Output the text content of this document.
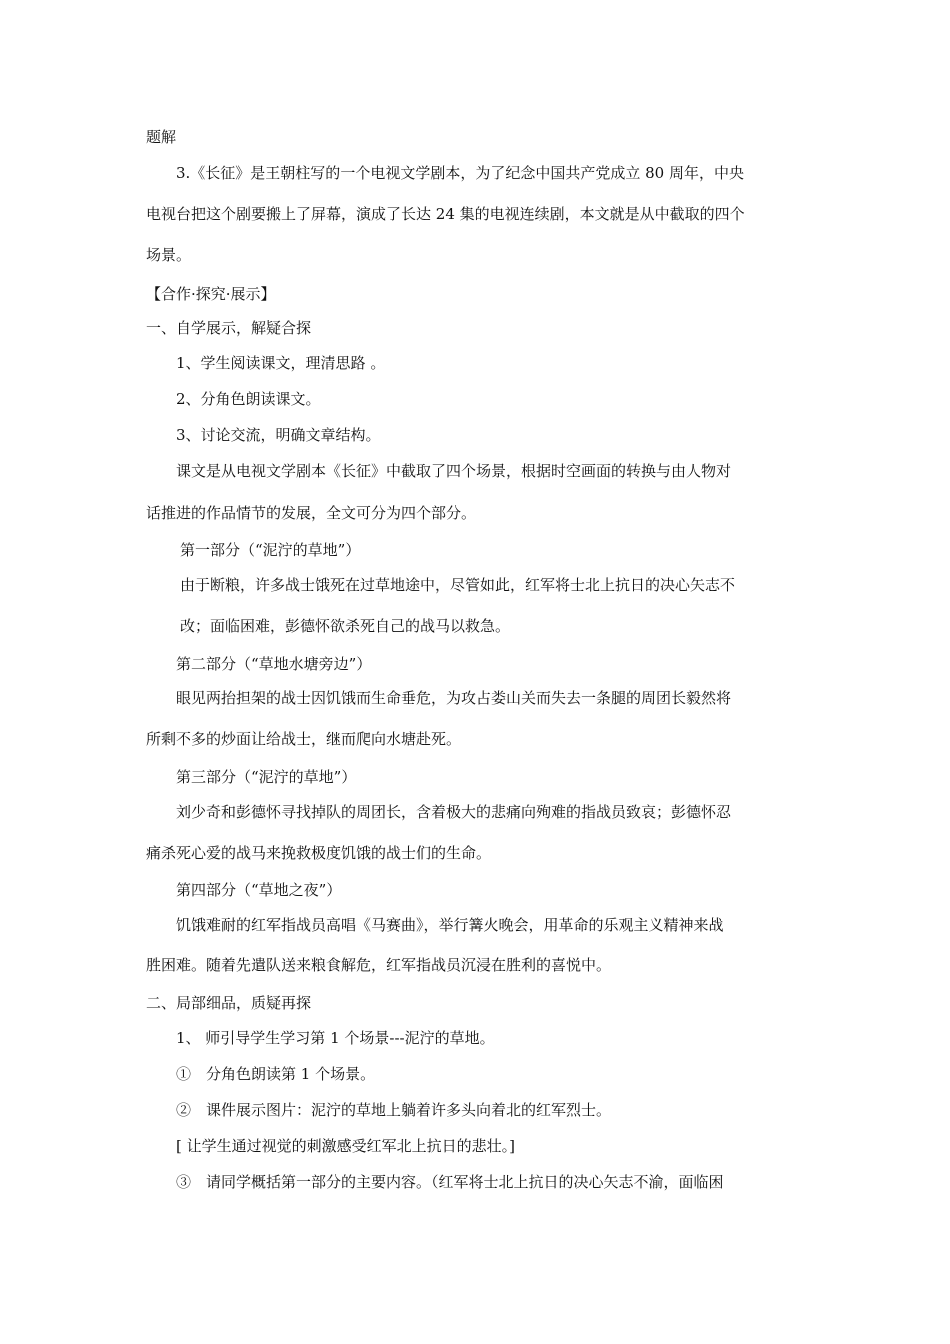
题解
3.《长征》是王朝柱写的一个电视文学剧本，为了纪念中国共产党成立 80 周年，中央
电视台把这个剧要搬上了屏幕，演成了长达 24 集的电视连续剧，本文就是从中截取的四个
场景。
【合作·探究·展示】
一、自学展示，解疑合探
1、学生阅读课文，理清思路 。
2、分角色朗读课文。
3、讨论交流，明确文章结构。
课文是从电视文学剧本《长征》中截取了四个场景，根据时空画面的转换与由人物对
话推进的作品情节的发展，全文可分为四个部分。
第一部分（“泥泞的草地”）
由于断粮，许多战士饿死在过草地途中，尽管如此，红军将士北上抗日的决心矢志不
改；面临困难，彭德怀欲杀死自己的战马以救急。
第二部分（“草地水塘旁边”）
眼见两抬担架的战士因饥饿而生命垂危，为攻占娄山关而失去一条腿的周团长毅然将
所剩不多的炒面让给战士，继而爬向水塘赴死。
第三部分（“泥泞的草地”）
刘少奇和彭德怀寻找掉队的周团长，含着极大的悲痛向殉难的指战员致哀；彭德怀忍
痛杀死心爱的战马来挽救极度饥饿的战士们的生命。
第四部分（“草地之夜”）
饥饿难耐的红军指战员高唱《马赛曲》，举行篝火晚会，用革命的乐观主义精神来战
胜困难。随着先遣队送来粮食解危，红军指战员沉浸在胜利的喜悦中。
二、局部细品，质疑再探
1、 师引导学生学习第 1 个场景---泥泞的草地。
①　分角色朗读第 1 个场景。
②　课件展示图片：泥泞的草地上躺着许多头向着北的红军烈士。
[ 让学生通过视觉的刺激感受红军北上抗日的悲壮。]
③　请同学概括第一部分的主要内容。（红军将士北上抗日的决心矢志不渝，面临困
